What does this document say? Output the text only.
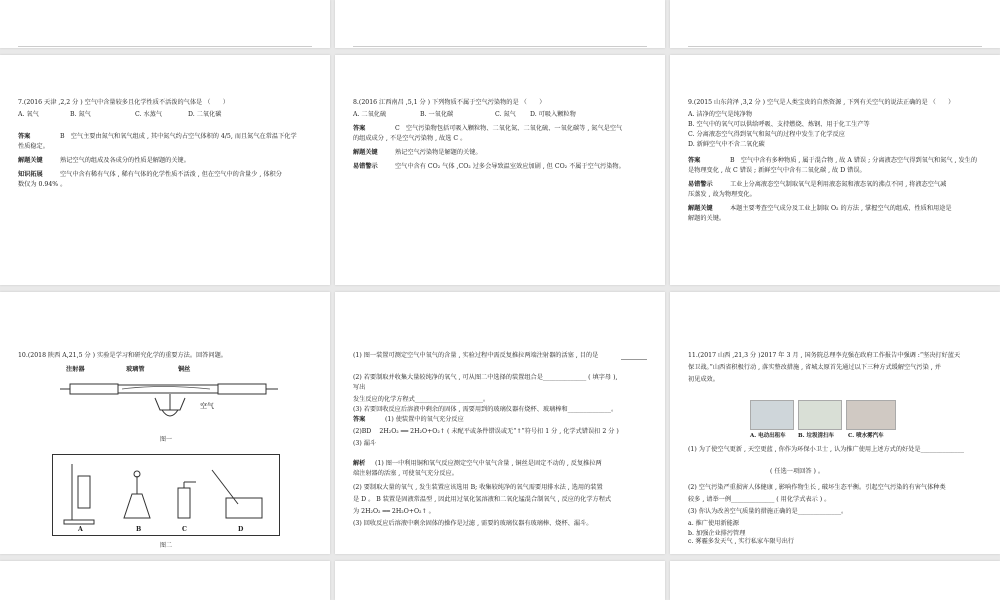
7.(2016 天津 ,2,2 分 ) 空气中含量较多且化学性质不活泼的气体是 （　　）
A. 氧气	B. 氮气	C. 水蒸气	D. 二氧化碳
答案	B　空气主要由氮气和氧气组成 , 其中氮气约占空气体积的 4/5, 而且氮气在常温下化学
性质稳定。
解题关键	熟记空气的组成及各成分的性质是解题的关键。
知识拓展	空气中含有稀有气体 , 稀有气体的化学性质不活泼 , 但在空气中的含量少 , 体积分
数仅为 0.94% 。
8.(2016 江西南昌 ,5,1 分 ) 下列物质不属于空气污染物的是 （　　）
A. 二氧化硫	B. 一氧化碳	C. 氮气 D. 可吸入颗粒物
答案	C　空气污染物包括可吸入颗粒物、二氧化氮、二氧化硫、一氧化碳等 , 氮气是空气
的组成成分 , 不是空气污染物 , 故选 C 。
解题关键	熟记空气污染物是解题的关键。
易错警示	空气中含有 CO₂ 气体 ,CO₂ 过多会导致温室效应加剧 , 但 CO₂ 不属于空气污染物。
9.(2015 山东菏泽 ,3,2 分 ) 空气是人类宝贵的自然资源 , 下列有关空气的说法正确的是 （　　）
A. 洁净的空气是纯净物
B. 空气中的氧气可以供给呼吸、支持燃烧、炼钢、用于化工生产等
C. 分离液态空气得到氧气和氮气的过程中发生了化学反应
D. 新鲜空气中不含二氧化碳
答案	B　空气中含有多种物质 , 属于混合物 , 故 A 错误 ; 分离液态空气得到氧气和氮气 , 发生的
是物理变化 , 故 C 错误 ; 新鲜空气中含有二氧化碳 , 故 D 错误。
易错警示	工业上分离液态空气制取氧气是利用液态氮和液态氧的沸点不同 , 将液态空气减
压蒸发 , 故为物理变化。
解题关键	本题主要考查空气成分及工业上制取 O₂ 的方法 , 掌握空气的组成、性质和用途是
解题的关键。
10.(2018 陕西 A,21,5 分 ) 实验是学习和研究化学的重要方法。回答问题。
注射器	玻璃管	铜丝
空气
图一
A	B	C	D
图二
(1) 图一装置可测定空气中氧气的含量 , 实验过程中需反复推拉两端注射器的活塞 , 目的是
(2) 若要制取并收集大量较纯净的氧气 , 可从图二中选择的装置组合是______________ ( 填字母 ),
写出
发生反应的化学方程式______________________。
(3) 若要回收反应后溶液中剩余的固体 , 需要用到的玻璃仪器有烧杯、玻璃棒和______________。
答案	(1) 使装置中的氧气充分反应
(2)BD　 2H₂O₂ ══ 2H₂O+O₂↑ ( 未配平或条件错误或无“↑”符号扣 1 分 , 化学式错误扣 2 分 )
(3) 漏斗
解析 (1) 图一中利用铜和氧气反应测定空气中氧气含量 , 铜丝是固定不动的 , 反复推拉两
端注射器的活塞 , 可使氧气充分反应。
(2) 要制取大量的氧气 , 发生装置应该选用 B; 收集较纯净的氧气需要用排水法 , 选用的装置
是 D 。 B 装置是固液常温型 , 因此用过氧化氢溶液和二氧化锰混合制氧气 , 反应的化学方程式
为 2H₂O₂ ══ 2H₂O+O₂↑ 。
(3) 回收反应后溶液中剩余固体的操作是过滤 , 需要的玻璃仪器有玻璃棒、烧杯、漏斗。
11.(2017 山西 ,21,3 分 )2017 年 3 月 , 国务院总理李克强在政府工作报告中强调 :“坚决打好蓝天
保卫战。”山西省积极行动 , 落实整改措施 , 省城太原首先通过以下三种方式缓解空气污染 , 并
初见成效。
A. 电动出租车 B. 垃圾清扫车	C. 喷水雾汽车
(1) 为了使空气更新 , 天空更蓝 , 你作为环保小卫士 , 认为推广使用上述方式的好处是______________
( 任选一项回答 ) 。
(2) 空气污染严重损害人体健康 , 影响作物生长 , 破坏生态平衡。引起空气污染的有害气体种类
较多 , 请举一例______________ ( 用化学式表示 ) 。
(3) 你认为改善空气质量的措施正确的是______________。
a. 推广使用新能源
b. 加强企业排污管理
c. 雾霾多发天气 , 实行私家车限号出行
